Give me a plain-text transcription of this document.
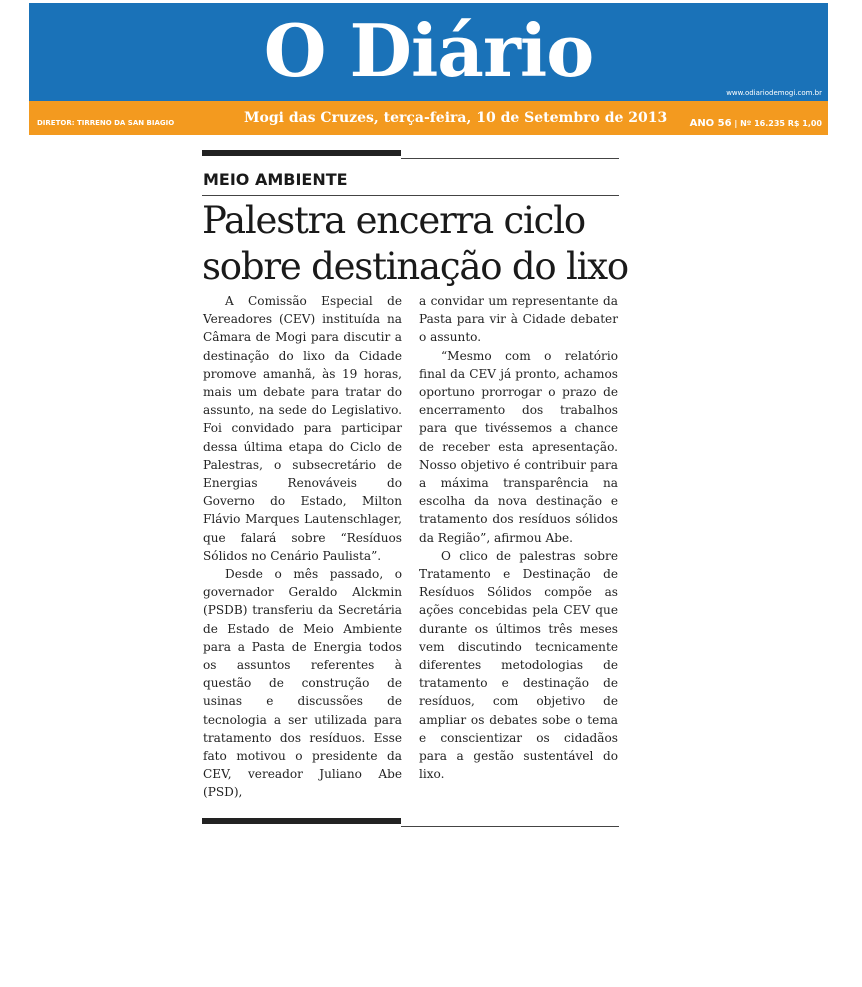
O Diário	www.odiariodemogi.com.br
DIRETOR: TIRRENO DA SAN BIAGIO	Mogi das Cruzes, terça-feira, 10 de Setembro de 2013 ANO 56 | Nº 16.235 R$ 1,00
MEIO AMBIENTE
Palestra encerra ciclo sobre destinação do lixo

A Comissão Especial de Vereadores (CEV) instituída na Câmara de Mogi para discutir a destinação do lixo da Cidade promove amanhã, às 19 horas, mais um debate para tratar do assunto, na sede do Legislativo. Foi convidado para participar dessa última etapa do Ciclo de Palestras, o subsecretário de Energias Renováveis do Governo do Estado, Milton Flávio Marques Lautenschlager, que falará sobre “Resíduos Sólidos no Cenário Paulista”.

Desde o mês passado, o governador Geraldo Alckmin (PSDB) transferiu da Secretária de Estado de Meio Ambiente para a Pasta de Energia todos os assuntos referentes à questão de construção de usinas e discussões de tecnologia a ser utilizada para tratamento dos resíduos. Esse fato motivou o presidente da CEV, vereador Juliano Abe (PSD),

a convidar um representante da Pasta para vir à Cidade debater o assunto.

“Mesmo com o relatório final da CEV já pronto, achamos oportuno prorrogar o prazo de encerramento dos trabalhos para que tivéssemos a chance de receber esta apresentação. Nosso objetivo é contribuir para a máxima transparência na escolha da nova destinação e tratamento dos resíduos sólidos da Região”, afirmou Abe.

O clico de palestras sobre Tratamento e Destinação de Resíduos Sólidos compõe as ações concebidas pela CEV que durante os últimos três meses vem discutindo tecnicamente diferentes metodologias de tratamento e destinação de resíduos, com objetivo de ampliar os debates sobe o tema e conscientizar os cidadãos para a gestão sustentável do lixo.
